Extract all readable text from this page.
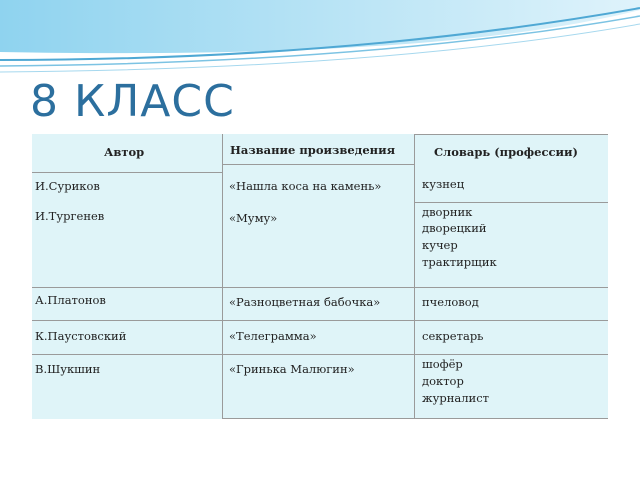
8 КЛАСС
Автор	Название произведения	Словарь (профессии)
И.Суриков	«Нашла коса на камень»	кузнец
И.Тургенев	«Муму»	дворник
дворецкий
кучер
трактирщик
А.Платонов	«Разноцветная бабочка»	пчеловод
К.Паустовский	«Телеграмма»	секретарь
В.Шукшин	«Гринька Малюгин»	шофёр
доктор
журналист
